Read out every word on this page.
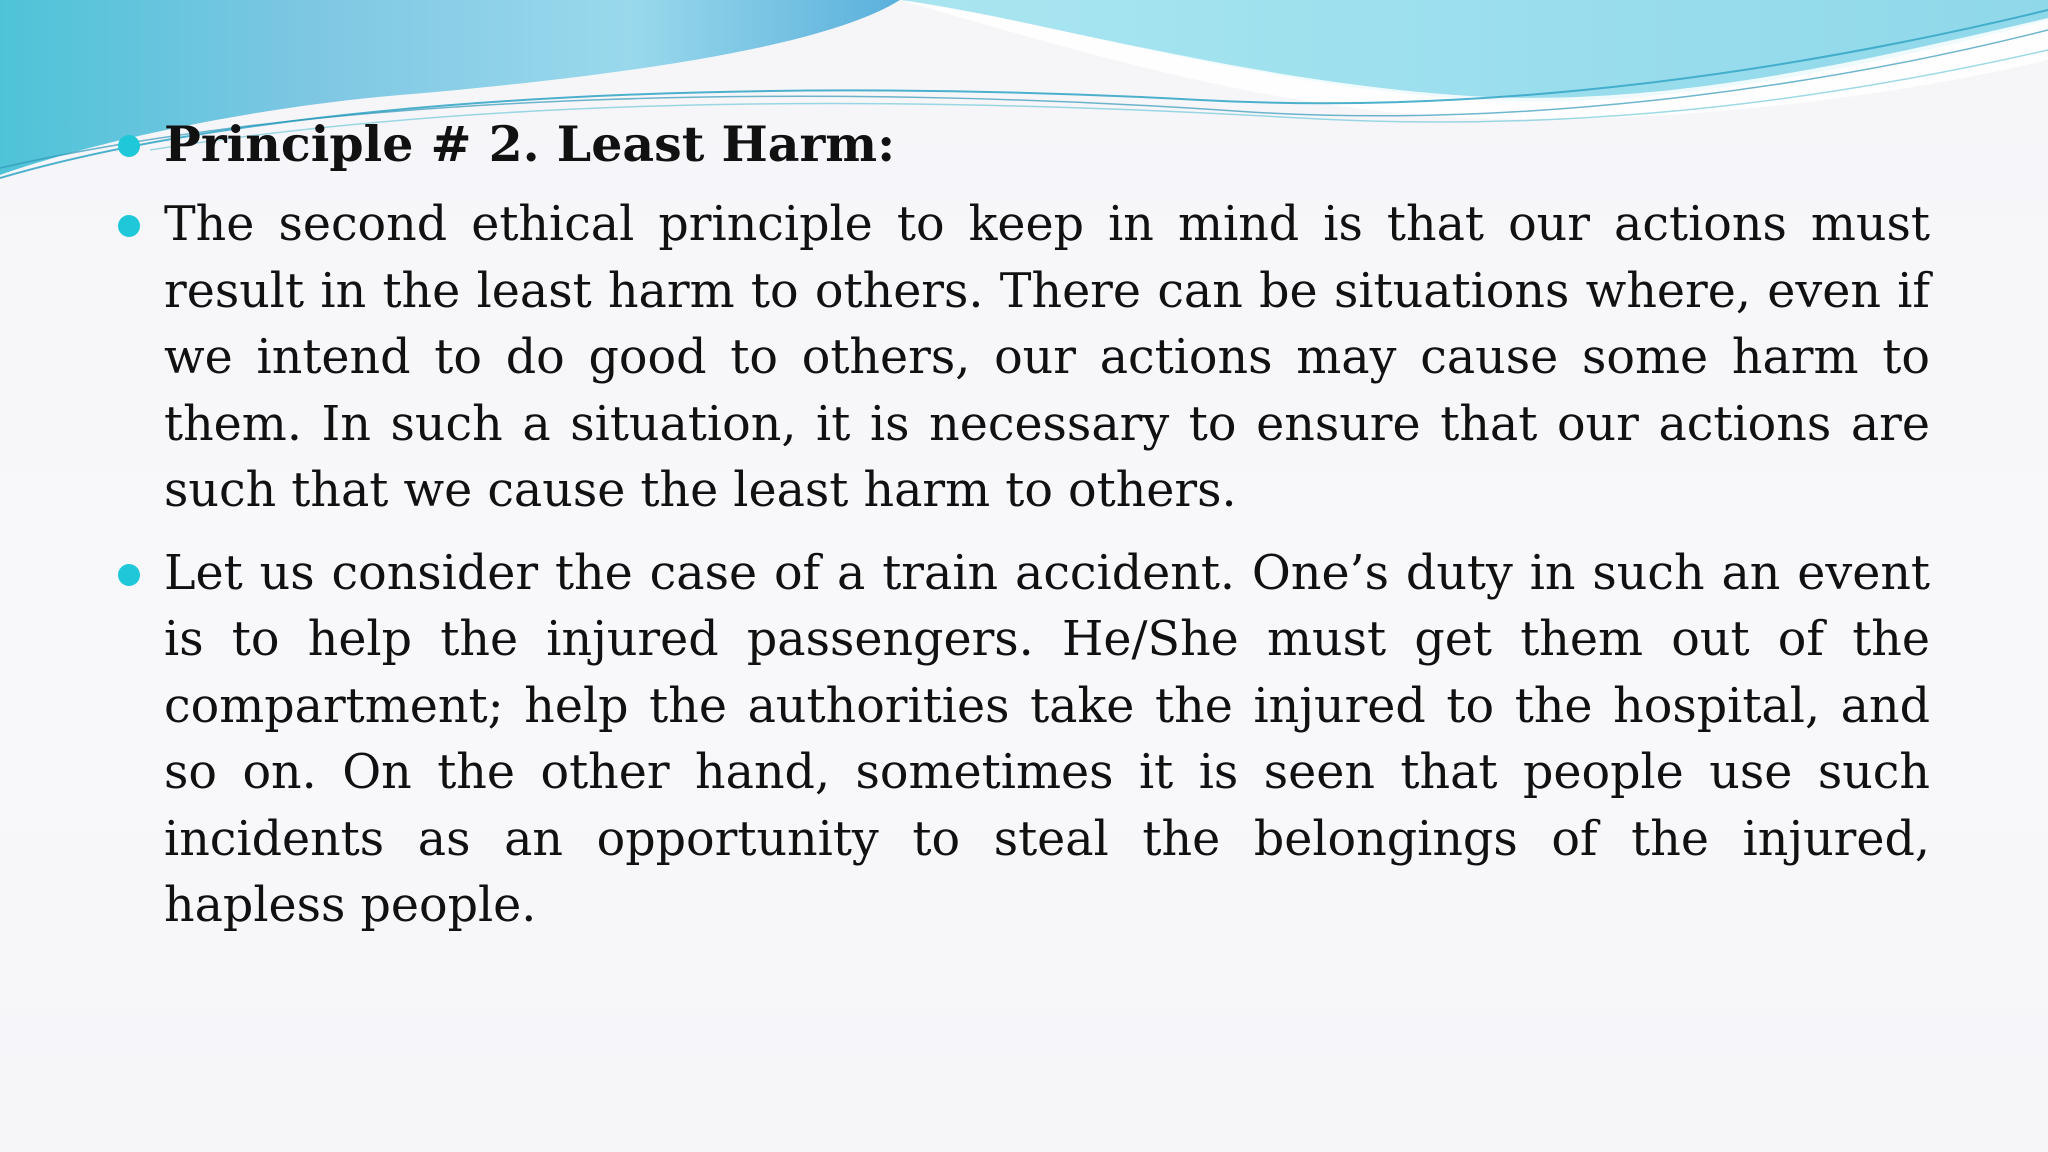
Principle # 2. Least Harm:

The second ethical principle to keep in mind is that our actions must result in the least harm to others. There can be situations where, even if we intend to do good to others, our actions may cause some harm to them. In such a situation, it is necessary to ensure that our actions are such that we cause the least harm to others.

Let us consider the case of a train accident. One’s duty in such an event is to help the injured passengers. He/She must get them out of the compartment; help the authorities take the injured to the hospital, and so on. On the other hand, sometimes it is seen that people use such incidents as an opportunity to steal the belongings of the injured, hapless people.
